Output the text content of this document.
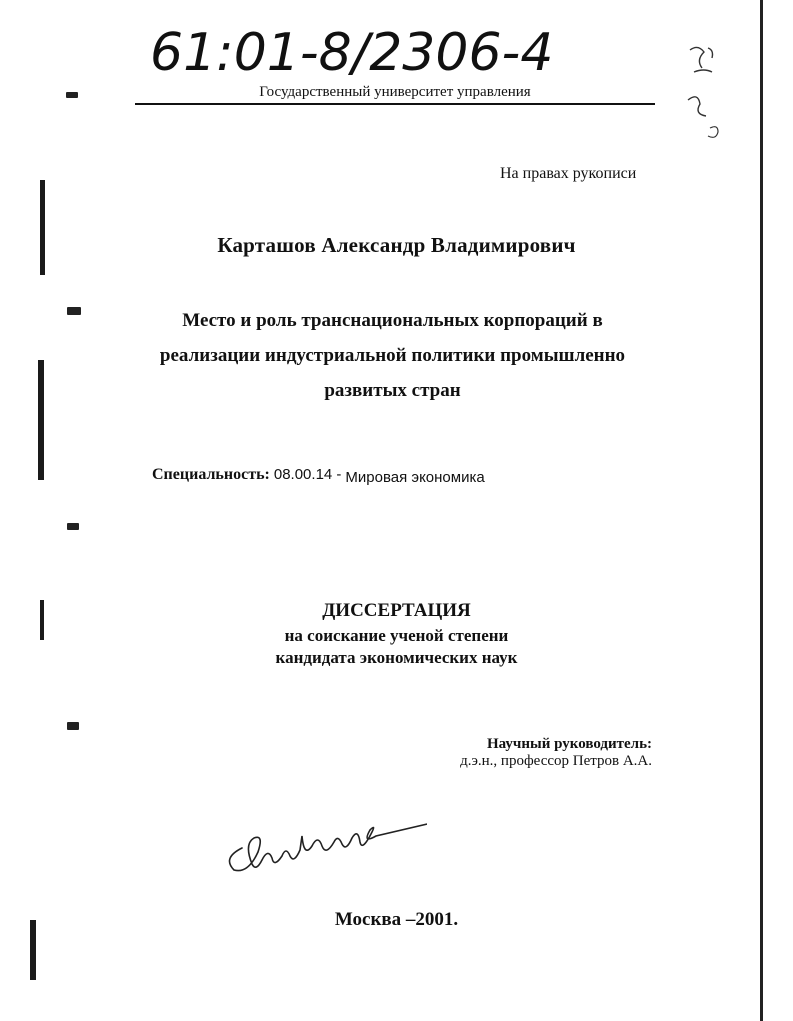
61:01-8/2306-4
Государственный университет управления
На правах рукописи
Карташов Александр Владимирович
Место и роль транснациональных корпораций в
реализации индустриальной политики промышленно
развитых стран
Специальность: 08.00.14 - Мировая экономика
ДИССЕРТАЦИЯ
на соискание ученой степени
кандидата экономических наук
Научный руководитель:
д.э.н., профессор Петров А.А.
Москва –2001.
